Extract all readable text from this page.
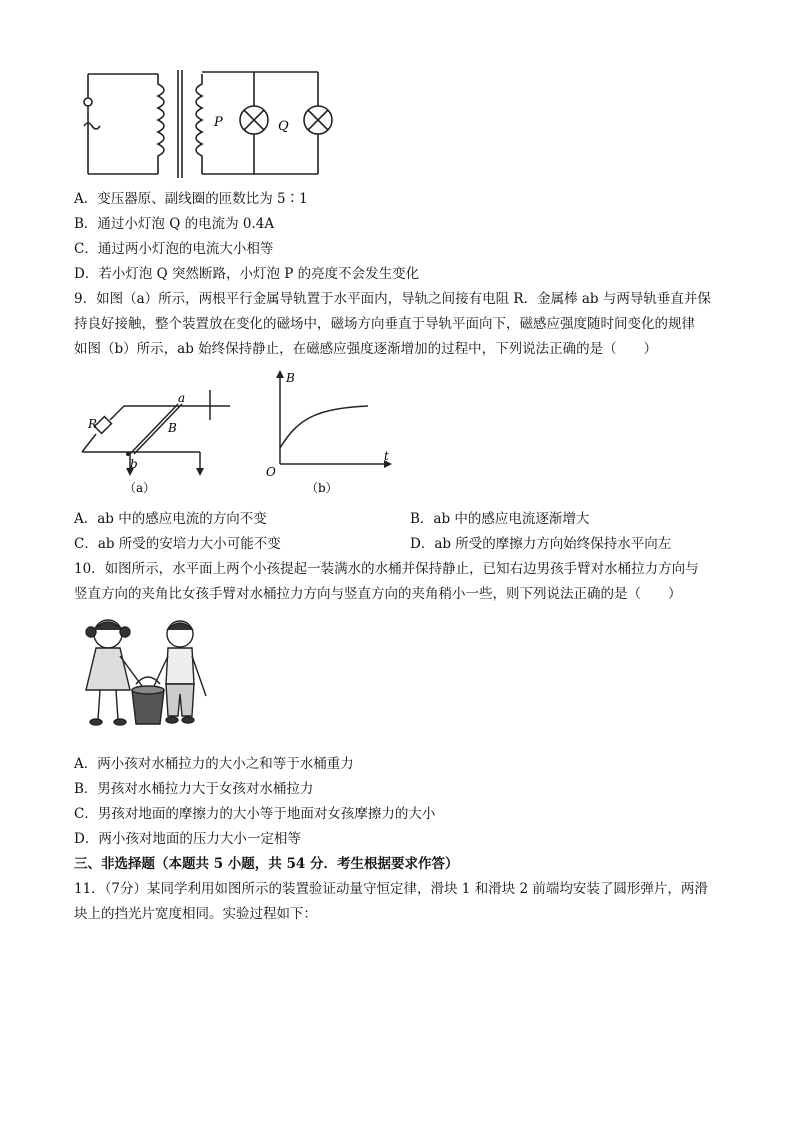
P	Q
A．变压器原、副线圈的匝数比为 5∶1
B．通过小灯泡 Q 的电流为 0.4A
C．通过两小灯泡的电流大小相等
D．若小灯泡 Q 突然断路，小灯泡 P 的亮度不会发生变化
9．如图（a）所示，两根平行金属导轨置于水平面内，导轨之间接有电阻 R．金属棒 ab 与两导轨垂直并保
持良好接触，整个装置放在变化的磁场中，磁场方向垂直于导轨平面向下，磁感应强度随时间变化的规律
如图（b）所示，ab 始终保持静止，在磁感应强度逐渐增加的过程中，下列说法正确的是（　　）
R
a
B
b
（a）
B
t
O
（b）
A．ab 中的感应电流的方向不变	B．ab 中的感应电流逐渐增大
C．ab 所受的安培力大小可能不变	D．ab 所受的摩擦力方向始终保持水平向左
10．如图所示，水平面上两个小孩提起一装满水的水桶并保持静止，已知右边男孩手臂对水桶拉力方向与
竖直方向的夹角比女孩手臂对水桶拉力方向与竖直方向的夹角稍小一些，则下列说法正确的是（　　）
A．两小孩对水桶拉力的大小之和等于水桶重力
B．男孩对水桶拉力大于女孩对水桶拉力
C．男孩对地面的摩擦力的大小等于地面对女孩摩擦力的大小
D．两小孩对地面的压力大小一定相等
三、非选择题（本题共 5 小题，共 54 分．考生根据要求作答）
11．（7分）某同学利用如图所示的装置验证动量守恒定律，滑块 1 和滑块 2 前端均安装了圆形弹片，两滑
块上的挡光片宽度相同。实验过程如下：
